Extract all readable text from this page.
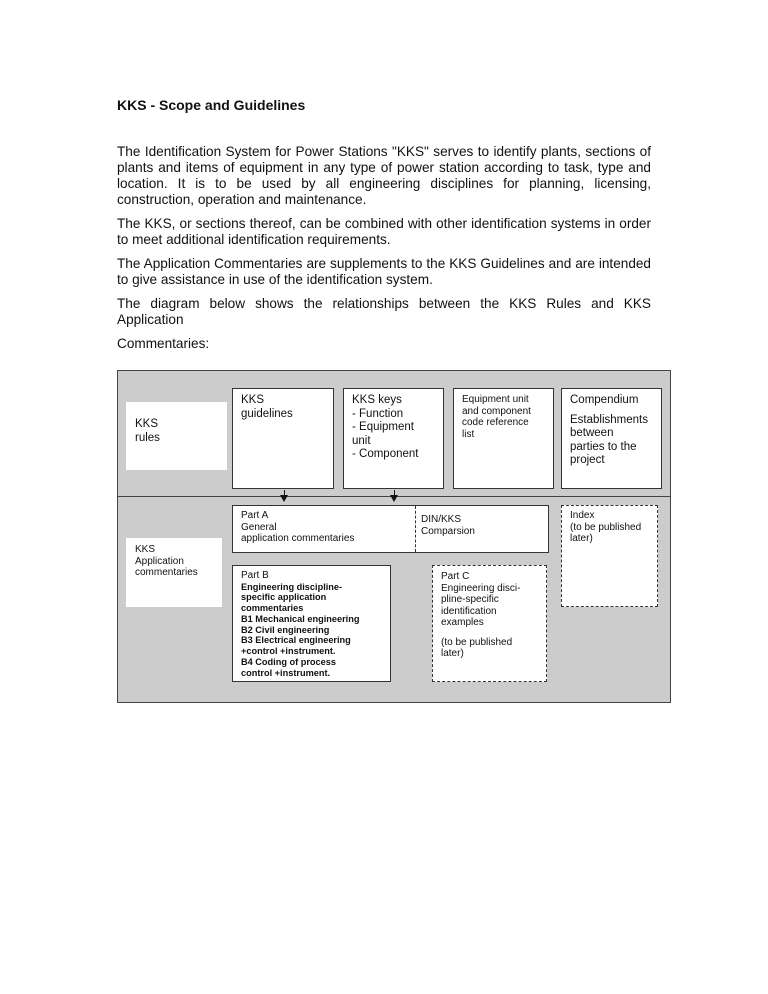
KKS - Scope and Guidelines

The Identification System for Power Stations "KKS" serves to identify plants, sections of plants and items of equipment in any type of power station according to task, type and location. It is to be used by all engineering disciplines for planning, licensing, construction, operation and maintenance.

The KKS, or sections thereof, can be combined with other identification systems in order to meet additional identification requirements.

The Application Commentaries are supplements to the KKS Guidelines and are intended to give assistance in use of the identification system.

The diagram below shows the relationships between the KKS Rules and KKS Application

Commentaries:
KKS
rules
KKS
guidelines
KKS keys
- Function
- Equipment
unit
- Component
Equipment unit
and component
code reference
list
Compendium
Establishments
between
parties to the
project
KKS
Application
commentaries
Part A
General
application commentaries
DIN/KKS
Comparsion
Index
(to be published
later)
Part B
Engineering discipline-
specific application
commentaries
B1 Mechanical engineering
B2 Civil engineering
B3 Electrical engineering
+control +instrument.
B4 Coding of process
control +instrument.
Part C
Engineering disci-
pline-specific
identification
examples
(to be published
later)
